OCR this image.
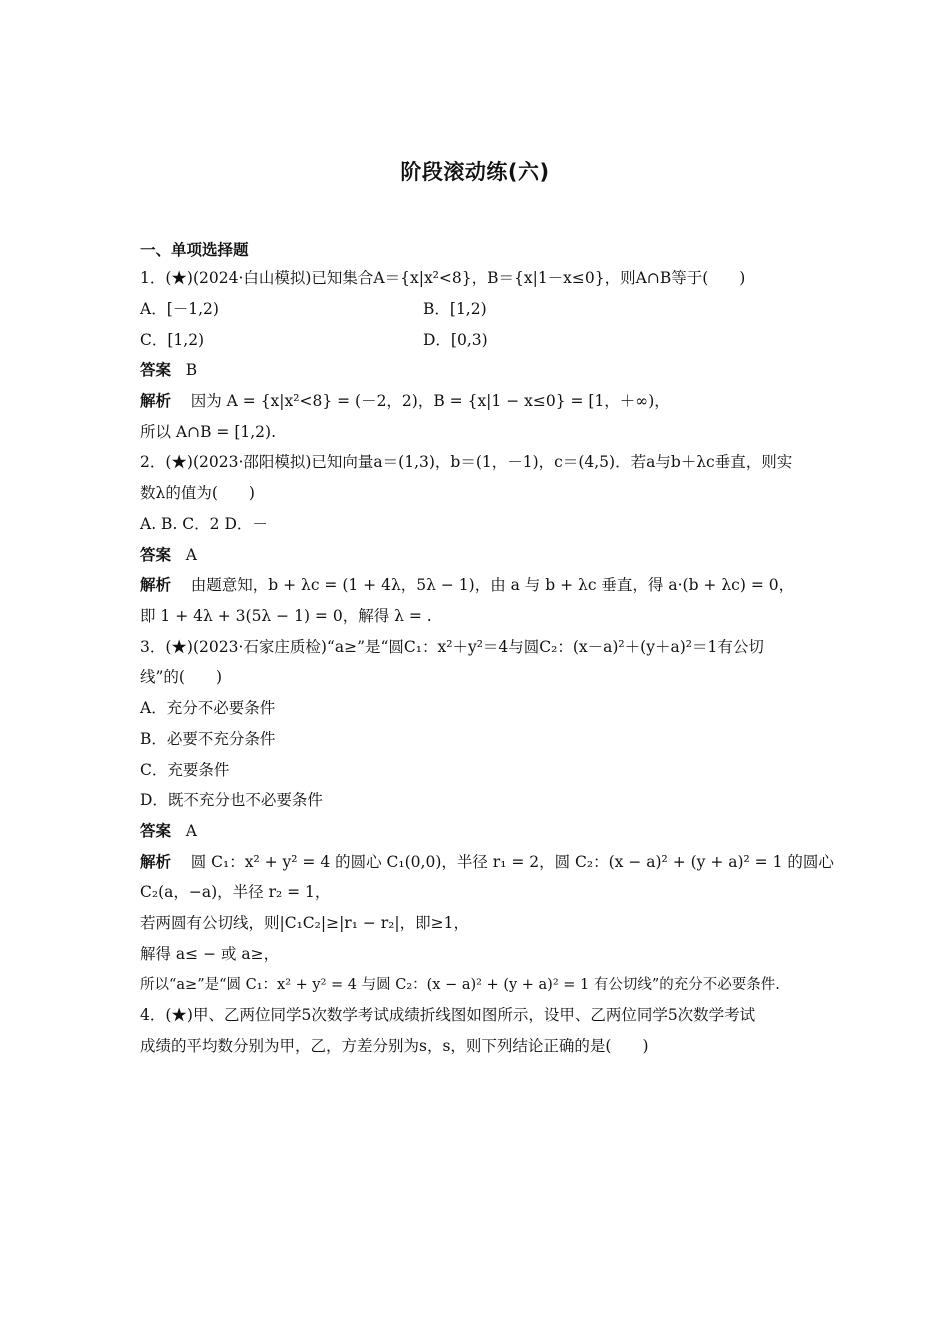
阶段滚动练(六)
一、单项选择题
1．(★)(2024·白山模拟)已知集合A＝{x|x²<8}，B＝{x|1－x≤0}，则A∩B等于(　　)
A．[－1,2)	B．[1,2)
C．[1,2)	D．[0,3)
答案 B
解析 因为 A = {x|x²<8} = (－2，2)，B = {x|1 − x≤0} = [1，＋∞)，
所以 A∩B = [1,2).
2．(★)(2023·邵阳模拟)已知向量a＝(1,3)，b＝(1，－1)，c＝(4,5)．若a与b＋λc垂直，则实
数λ的值为(　　)
A. B. C．2 D．－
答案 A
解析 由题意知，b + λc = (1 + 4λ，5λ − 1)，由 a 与 b + λc 垂直，得 a·(b + λc) = 0，
即 1 + 4λ + 3(5λ − 1) = 0，解得 λ = .
3．(★)(2023·石家庄质检)“a≥”是“圆C₁：x²＋y²＝4与圆C₂：(x－a)²＋(y＋a)²＝1有公切
线”的(　　)
A．充分不必要条件
B．必要不充分条件
C．充要条件
D．既不充分也不必要条件
答案 A
解析 圆 C₁：x² + y² = 4 的圆心 C₁(0,0)，半径 r₁ = 2，圆 C₂：(x − a)² + (y + a)² = 1 的圆心
C₂(a，−a)，半径 r₂ = 1，
若两圆有公切线，则|C₁C₂|≥|r₁ − r₂|，即≥1，
解得 a≤ − 或 a≥，
所以“a≥”是“圆 C₁：x² + y² = 4 与圆 C₂：(x − a)² + (y + a)² = 1 有公切线”的充分不必要条件.
4．(★)甲、乙两位同学5次数学考试成绩折线图如图所示，设甲、乙两位同学5次数学考试
成绩的平均数分别为甲，乙，方差分别为s，s，则下列结论正确的是(　　)
